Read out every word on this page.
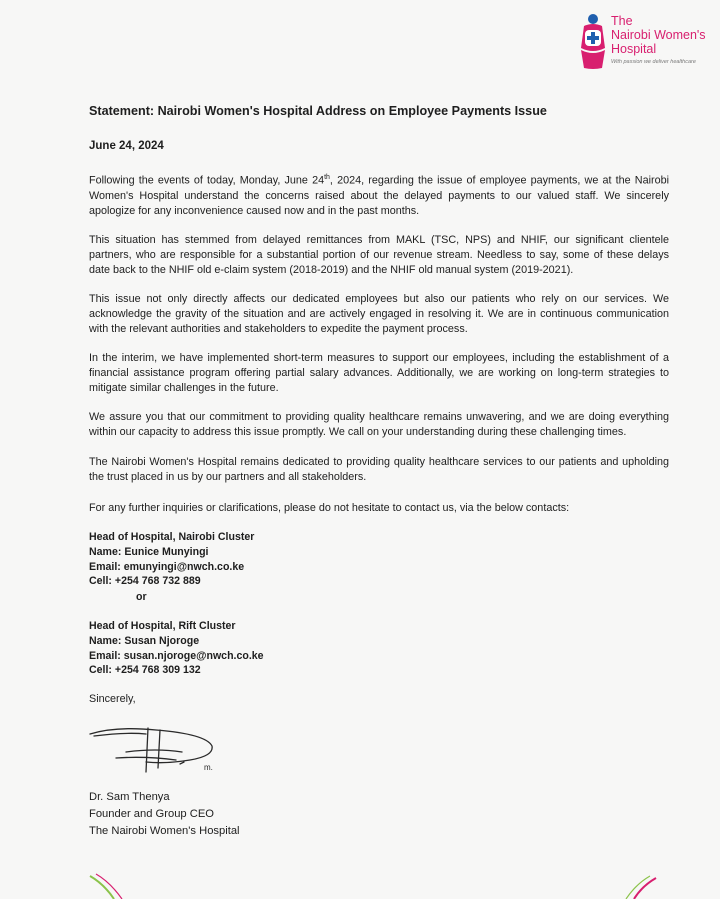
The
Nairobi Women's
Hospital
With passion we deliver healthcare
Statement: Nairobi Women's Hospital Address on Employee Payments Issue
June 24, 2024
Following the events of today, Monday, June 24th, 2024, regarding the issue of employee payments, we at the Nairobi Women's Hospital understand the concerns raised about the delayed payments to our valued staff. We sincerely apologize for any inconvenience caused now and in the past months.
This situation has stemmed from delayed remittances from MAKL (TSC, NPS) and NHIF, our significant clientele partners, who are responsible for a substantial portion of our revenue stream. Needless to say, some of these delays date back to the NHIF old e-claim system (2018-2019) and the NHIF old manual system (2019-2021).
This issue not only directly affects our dedicated employees but also our patients who rely on our services. We acknowledge the gravity of the situation and are actively engaged in resolving it. We are in continuous communication with the relevant authorities and stakeholders to expedite the payment process.
In the interim, we have implemented short-term measures to support our employees, including the establishment of a financial assistance program offering partial salary advances. Additionally, we are working on long-term strategies to mitigate similar challenges in the future.
We assure you that our commitment to providing quality healthcare remains unwavering, and we are doing everything within our capacity to address this issue promptly. We call on your understanding during these challenging times.
The Nairobi Women's Hospital remains dedicated to providing quality healthcare services to our patients and upholding the trust placed in us by our partners and all stakeholders.
For any further inquiries or clarifications, please do not hesitate to contact us, via the below contacts:
Head of Hospital, Nairobi Cluster
Name: Eunice Munyingi
Email: emunyingi@nwch.co.ke
Cell: +254 768 732 889
or
Head of Hospital, Rift Cluster
Name: Susan Njoroge
Email: susan.njoroge@nwch.co.ke
Cell: +254 768 309 132
Sincerely,
m.
Dr. Sam Thenya
Founder and Group CEO
The Nairobi Women's Hospital
